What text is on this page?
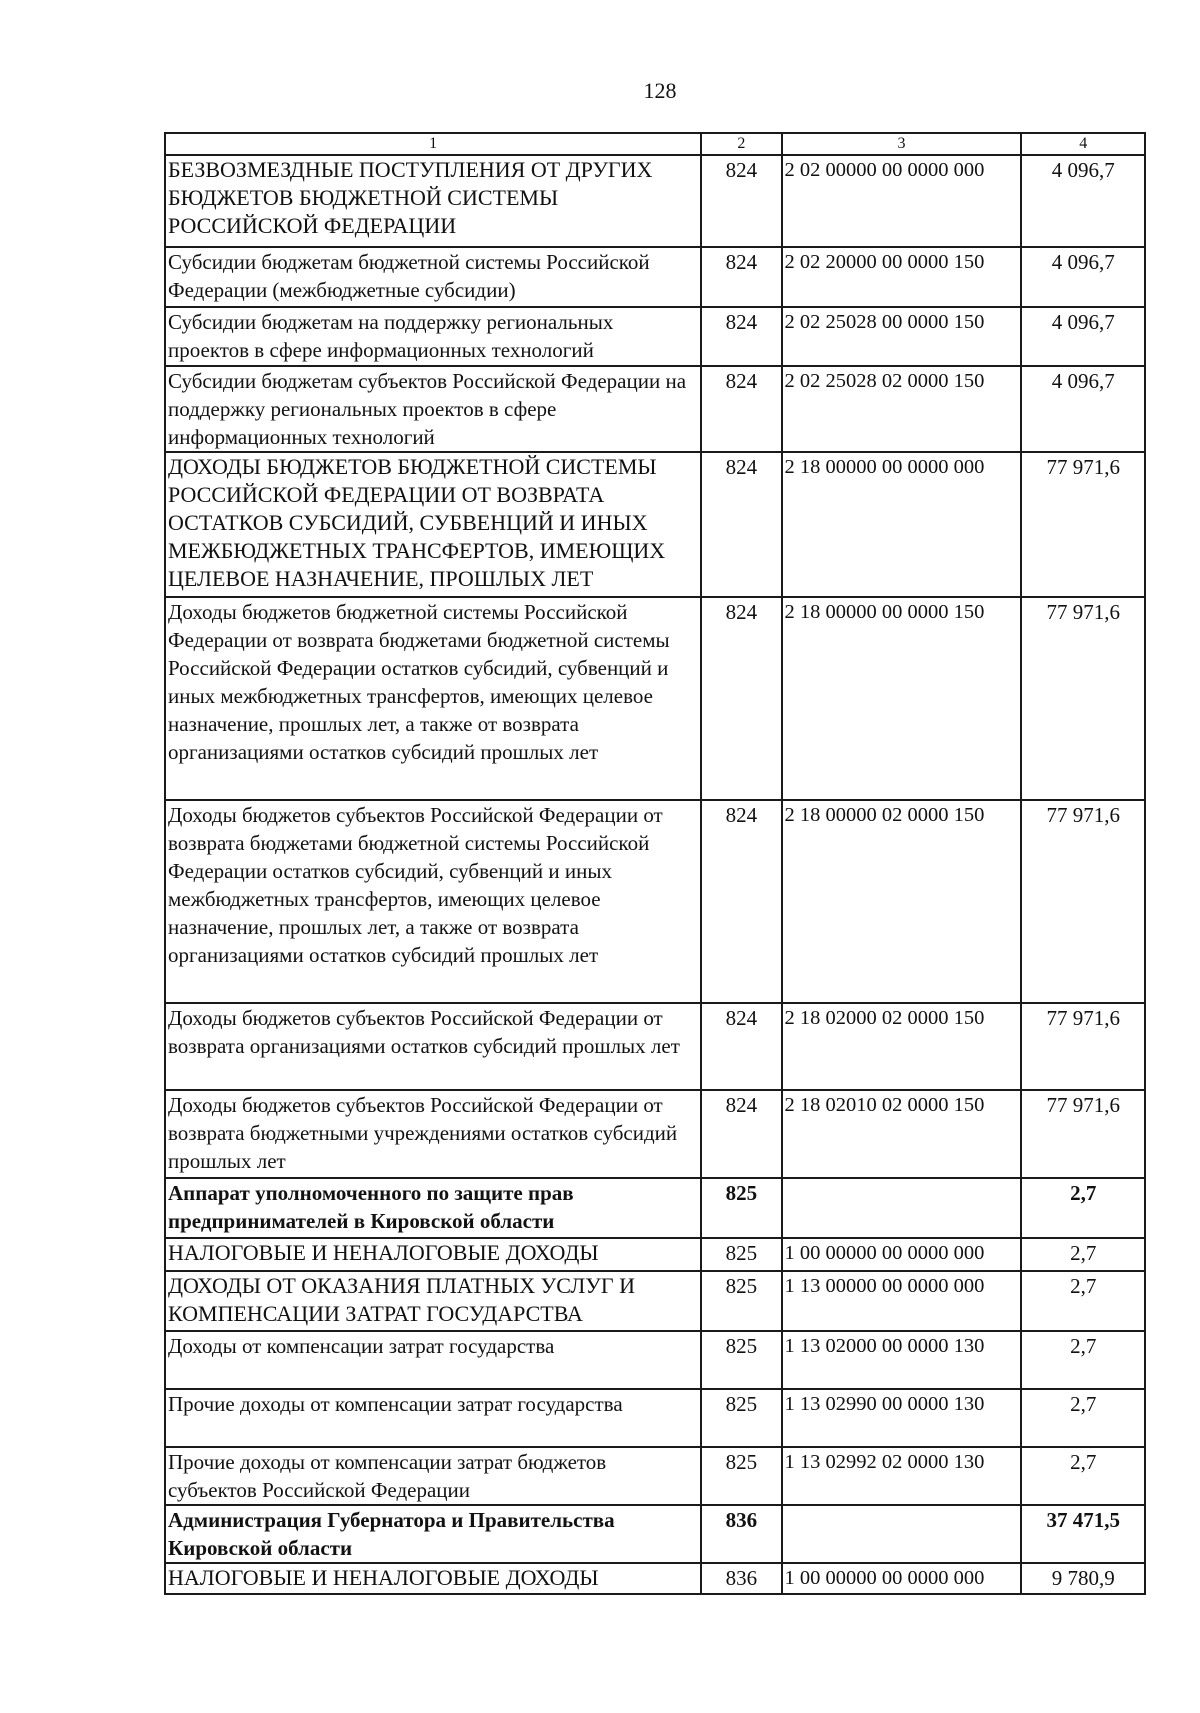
128
1	2	3	4
БЕЗВОЗМЕЗДНЫЕ ПОСТУПЛЕНИЯ ОТ ДРУГИХ БЮДЖЕТОВ БЮДЖЕТНОЙ СИСТЕМЫ РОССИЙСКОЙ ФЕДЕРАЦИИ	824	2 02 00000 00 0000 000	4 096,7
Субсидии бюджетам бюджетной системы Российской Федерации (межбюджетные субсидии)	824	2 02 20000 00 0000 150	4 096,7
Субсидии бюджетам на поддержку региональных проектов в сфере информационных технологий	824	2 02 25028 00 0000 150	4 096,7
Субсидии бюджетам субъектов Российской Федерации на поддержку региональных проектов в сфере информационных технологий	824	2 02 25028 02 0000 150	4 096,7
ДОХОДЫ БЮДЖЕТОВ БЮДЖЕТНОЙ СИСТЕМЫ РОССИЙСКОЙ ФЕДЕРАЦИИ ОТ ВОЗВРАТА ОСТАТКОВ СУБСИДИЙ, СУБВЕНЦИЙ И ИНЫХ МЕЖБЮДЖЕТНЫХ ТРАНСФЕРТОВ, ИМЕЮЩИХ ЦЕЛЕВОЕ НАЗНАЧЕНИЕ, ПРОШЛЫХ ЛЕТ	824	2 18 00000 00 0000 000	77 971,6
Доходы бюджетов бюджетной системы Российской Федерации от возврата бюджетами бюджетной системы Российской Федерации остатков субсидий, субвенций и иных межбюджетных трансфертов, имеющих целевое назначение, прошлых лет, а также от возврата организациями остатков субсидий прошлых лет	824	2 18 00000 00 0000 150	77 971,6
Доходы бюджетов субъектов Российской Федерации от возврата бюджетами бюджетной системы Российской Федерации остатков субсидий, субвенций и иных межбюджетных трансфертов, имеющих целевое назначение, прошлых лет, а также от возврата организациями остатков субсидий прошлых лет	824	2 18 00000 02 0000 150	77 971,6
Доходы бюджетов субъектов Российской Федерации от возврата организациями остатков субсидий прошлых лет	824	2 18 02000 02 0000 150	77 971,6
Доходы бюджетов субъектов Российской Федерации от возврата бюджетными учреждениями остатков субсидий прошлых лет	824	2 18 02010 02 0000 150	77 971,6
Аппарат уполномоченного по защите прав предпринимателей в Кировской области	825		2,7
НАЛОГОВЫЕ И НЕНАЛОГОВЫЕ ДОХОДЫ	825	1 00 00000 00 0000 000	2,7
ДОХОДЫ ОТ ОКАЗАНИЯ ПЛАТНЫХ УСЛУГ И КОМПЕНСАЦИИ ЗАТРАТ ГОСУДАРСТВА	825	1 13 00000 00 0000 000	2,7
Доходы от компенсации затрат государства	825	1 13 02000 00 0000 130	2,7
Прочие доходы от компенсации затрат государства	825	1 13 02990 00 0000 130	2,7
Прочие доходы от компенсации затрат бюджетов субъектов Российской Федерации	825	1 13 02992 02 0000 130	2,7
Администрация Губернатора и Правительства Кировской области	836		37 471,5
НАЛОГОВЫЕ И НЕНАЛОГОВЫЕ ДОХОДЫ	836	1 00 00000 00 0000 000	9 780,9
